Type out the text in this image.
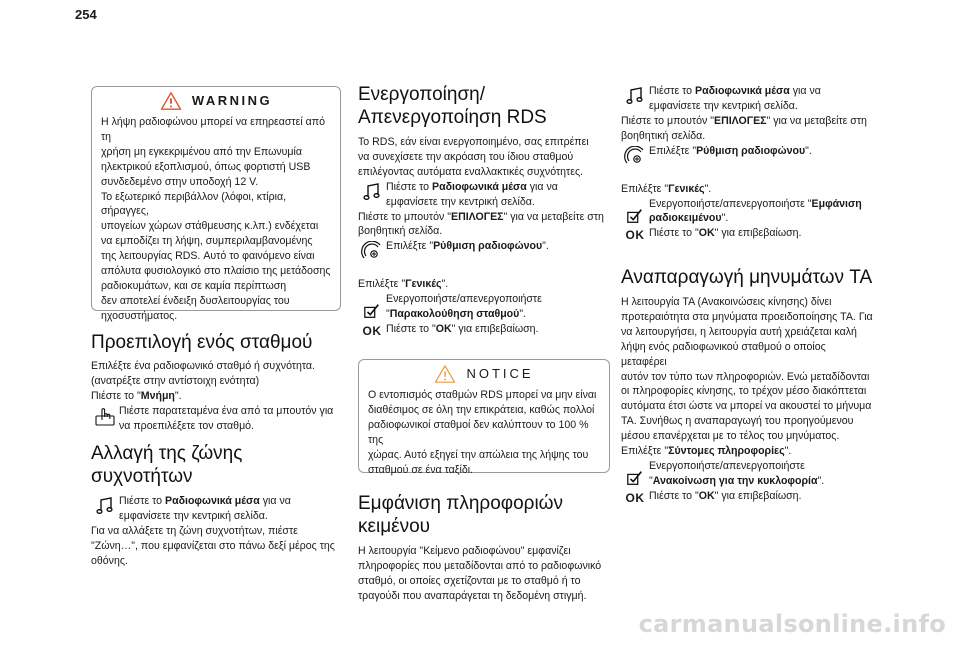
254
WARNING

Η λήψη ραδιοφώνου μπορεί να επηρεαστεί από τη

χρήση μη εγκεκριμένου από την Επωνυμία

ηλεκτρικού εξοπλισμού, όπως φορτιστή USB

συνδεδεμένο στην υποδοχή 12 V.

Το εξωτερικό περιβάλλον (λόφοι, κτίρια, σήραγγες,

υπογείων χώρων στάθμευσης κ.λπ.) ενδέχεται

να εμποδίζει τη λήψη, συμπεριλαμβανομένης

της λειτουργίας RDS. Αυτό το φαινόμενο είναι

απόλυτα φυσιολογικό στο πλαίσιο της μετάδοσης

ραδιοκυμάτων, και σε καμία περίπτωση

δεν αποτελεί ένδειξη δυσλειτουργίας του

ηχοσυστήματος.

Προεπιλογή ενός σταθμού

Επιλέξτε ένα ραδιοφωνικό σταθμό ή συχνότητα.

(ανατρέξτε στην αντίστοιχη ενότητα)

Πιέστε το "Μνήμη".

Πιέστε παρατεταμένα ένα από τα μπουτόν για

να προεπιλέξετε τον σταθμό.

Αλλαγή της ζώνης συχνοτήτων

Πιέστε το Ραδιοφωνικά μέσα για να

εμφανίσετε την κεντρική σελίδα.

Για να αλλάξετε τη ζώνη συχνοτήτων, πιέστε

"Ζώνη…", που εμφανίζεται στο πάνω δεξί μέρος της

οθόνης.

Ενεργοποίηση/
Απενεργοποίηση RDS

Το RDS, εάν είναι ενεργοποιημένο, σας επιτρέπει

να συνεχίσετε την ακρόαση του ίδιου σταθμού

επιλέγοντας αυτόματα εναλλακτικές συχνότητες.

Πιέστε το Ραδιοφωνικά μέσα για να

εμφανίσετε την κεντρική σελίδα.

Πιέστε το μπουτόν "ΕΠΙΛΟΓΕΣ" για να μεταβείτε στη

βοηθητική σελίδα.

Επιλέξτε "Ρύθμιση ραδιοφώνου".

Επιλέξτε "Γενικές".

Ενεργοποιήστε/απενεργοποιήστε

"Παρακολούθηση σταθμού".

OK Πιέστε το "OK" για επιβεβαίωση.

NOTICE

Ο εντοπισμός σταθμών RDS μπορεί να μην είναι

διαθέσιμος σε όλη την επικράτεια, καθώς πολλοί

ραδιοφωνικοί σταθμοί δεν καλύπτουν το 100 % της

χώρας. Αυτό εξηγεί την απώλεια της λήψης του

σταθμού σε ένα ταξίδι.

Εμφάνιση πληροφοριών
κειμένου

Η λειτουργία "Κείμενο ραδιοφώνου" εμφανίζει

πληροφορίες που μεταδίδονται από το ραδιοφωνικό

σταθμό, οι οποίες σχετίζονται με το σταθμό ή το

τραγούδι που αναπαράγεται τη δεδομένη στιγμή.

Πιέστε το Ραδιοφωνικά μέσα για να

εμφανίσετε την κεντρική σελίδα.

Πιέστε το μπουτόν "ΕΠΙΛΟΓΕΣ" για να μεταβείτε στη

βοηθητική σελίδα.

Επιλέξτε "Ρύθμιση ραδιοφώνου".

Επιλέξτε "Γενικές".

Ενεργοποιήστε/απενεργοποιήστε "Εμφάνιση

ραδιοκειμένου".

OK Πιέστε το "OK" για επιβεβαίωση.

Αναπαραγωγή μηνυμάτων TA

Η λειτουργία TA (Ανακοινώσεις κίνησης) δίνει

προτεραιότητα στα μηνύματα προειδοποίησης TA. Για

να λειτουργήσει, η λειτουργία αυτή χρειάζεται καλή

λήψη ενός ραδιοφωνικού σταθμού ο οποίος μεταφέρει

αυτόν τον τύπο των πληροφοριών. Ενώ μεταδίδονται

οι πληροφορίες κίνησης, το τρέχον μέσο διακόπτεται

αυτόματα έτσι ώστε να μπορεί να ακουστεί το μήνυμα

TA. Συνήθως η αναπαραγωγή του προηγούμενου

μέσου επανέρχεται με το τέλος του μηνύματος.

Επιλέξτε "Σύντομες πληροφορίες".

Ενεργοποιήστε/απενεργοποιήστε

"Ανακοίνωση για την κυκλοφορία".

OK Πιέστε το "OK" για επιβεβαίωση.

carmanualsonline.info
